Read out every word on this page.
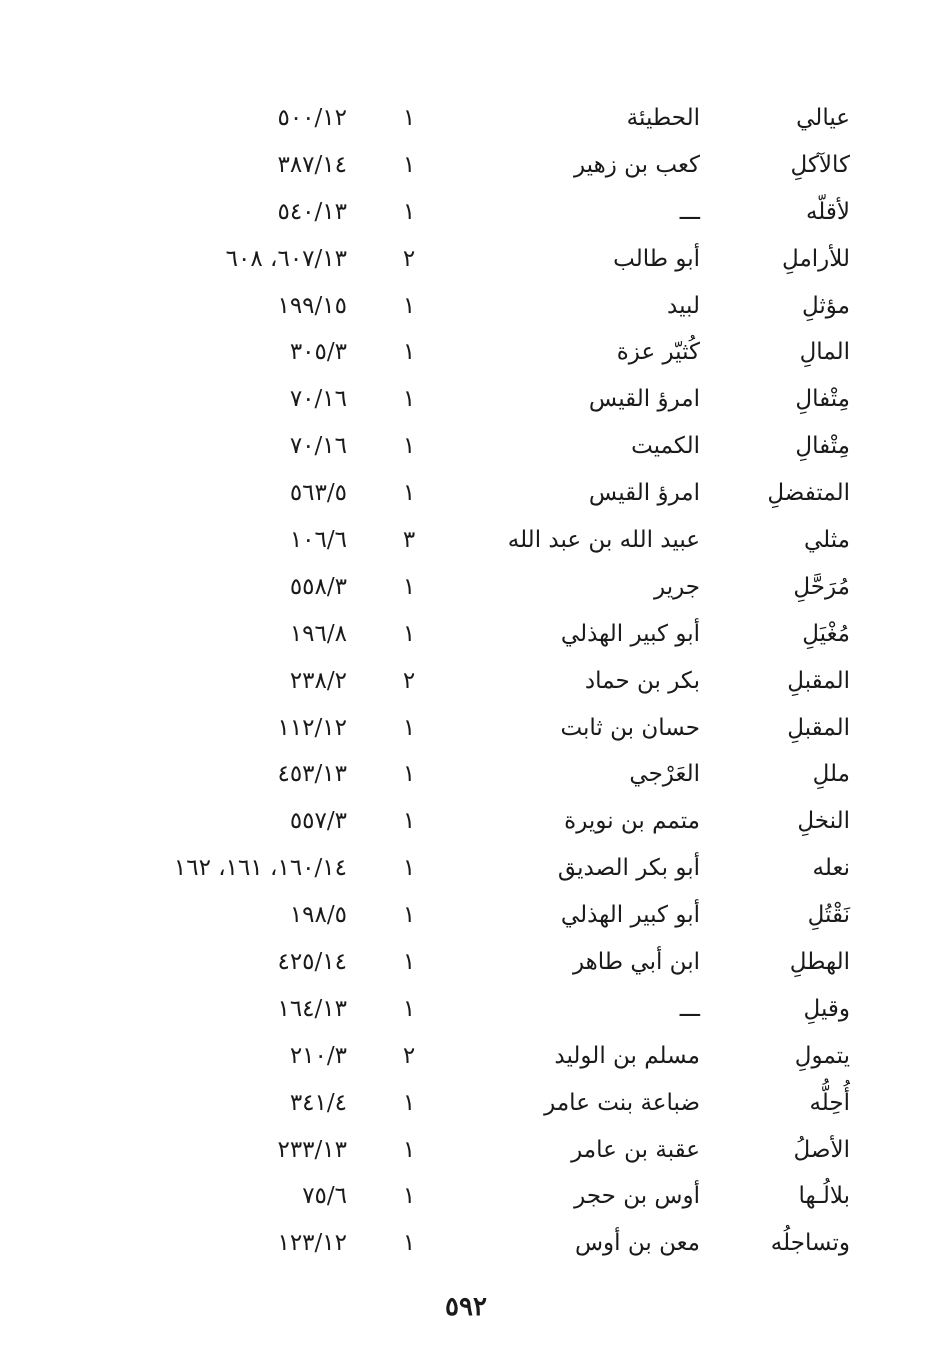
عيالي
الحطيئة
١
٥٠٠/١٢
كالآكلِ
كعب بن زهير
١
٣٨٧/١٤
لأقلّه
ـــ
١
٥٤٠/١٣
للأراملِ
أبو طالب
٢
٦٠٧/١٣، ٦٠٨
مؤثلِ
لبيد
١
١٩٩/١٥
المالِ
كُثيّر عزة
١
٣٠٥/٣
مِتْفالِ
امرؤ القيس
١
٧٠/١٦
مِتْفالِ
الكميت
١
٧٠/١٦
المتفضلِ
امرؤ القيس
١
٥٦٣/٥
مثلي
عبيد الله بن عبد الله
٣
١٠٦/٦
مُرَحَّلِ
جرير
١
٥٥٨/٣
مُغْيَلِ
أبو كبير الهذلي
١
١٩٦/٨
المقبلِ
بكر بن حماد
٢
٢٣٨/٢
المقبلِ
حسان بن ثابت
١
١١٢/١٢
مللِ
العَرْجي
١
٤٥٣/١٣
النخلِ
متمم بن نويرة
١
٥٥٧/٣
نعله
أبو بكر الصديق
١
١٦٠/١٤، ١٦١، ١٦٢
نَقْتُلِ
أبو كبير الهذلي
١
١٩٨/٥
الهطلِ
ابن أبي طاهر
١
٤٢٥/١٤
وقيلِ
ـــ
١
١٦٤/١٣
يتمولِ
مسلم بن الوليد
٢
٢١٠/٣
أُحِلُّه
ضباعة بنت عامر
١
٣٤١/٤
الأصلُ
عقبة بن عامر
١
٢٣٣/١٣
بلالُـها
أوس بن حجر
١
٧٥/٦
وتساجلُه
معن بن أوس
١
١٢٣/١٢
٥٩٢
